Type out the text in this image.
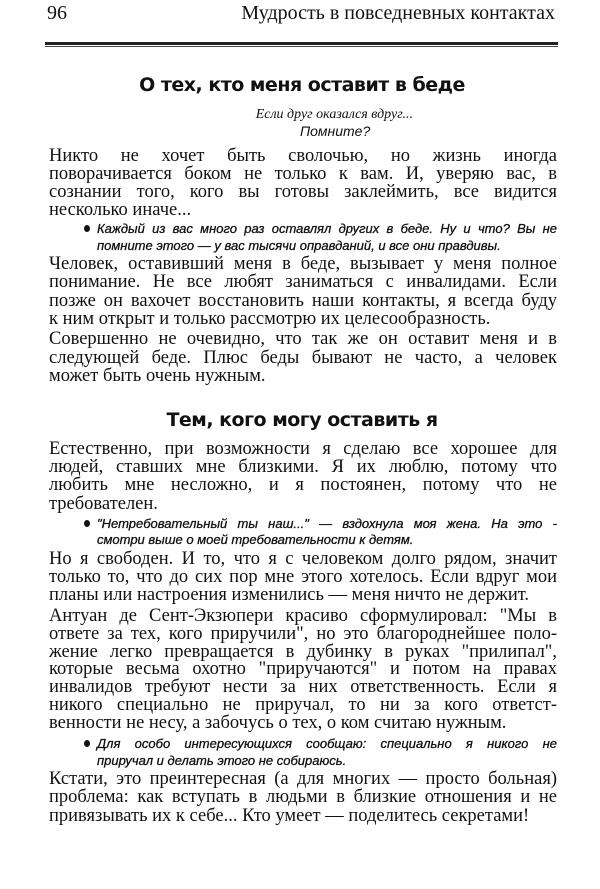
96	Мудрость в повседневных контактах
О тех, кто меня оставит в беде
Если друг оказался вдруг...
Помните?
Тем, кого могу оставить я
Никто не хочет быть сволочью, но жизнь иногда
поворачивается боком не только к вам. И, уверяю вас, в
сознании того, кого вы готовы заклеймить, все видится
несколько иначе...
Каждый из вас много раз оставлял других в беде. Ну и что? Вы не
помните этого — у вас тысячи оправданий, и все они правдивы.
Человек, оставивший меня в беде, вызывает у меня полное
понимание. Не все любят заниматься с инвалидами. Если
позже он вахочет восстановить наши контакты, я всегда буду
к ним открыт и только рассмотрю их целесообразность.
Совершенно не очевидно, что так же он оставит меня и в
следующей беде. Плюс беды бывают не часто, а человек
может быть очень нужным.
Естественно, при возможности я сделаю все хорошее для
людей, ставших мне близкими. Я их люблю, потому что
любить мне несложно, и я постоянен, потому что не
требователен.
"Нетребовательный ты наш..." — вздохнула моя жена. На это -
смотри выше о моей требовательности к детям.
Но я свободен. И то, что я с человеком долго рядом, значит
только то, что до сих пор мне этого хотелось. Если вдруг мои
планы или настроения изменились — меня ничто не держит.
Антуан де Сент-Экзюпери красиво сформулировал: "Мы в
ответе за тех, кого приручили", но это благороднейшее поло-
жение легко превращается в дубинку в руках "прилипал",
которые весьма охотно "приручаются" и потом на правах
инвалидов требуют нести за них ответственность. Если я
никого специально не приручал, то ни за кого ответст-
венности не несу, а забочусь о тех, о ком считаю нужным.
Для особо интересующихся сообщаю: специально я никого не
приручал и делать этого не собираюсь.
Кстати, это преинтересная (а для многих — просто больная)
проблема: как вступать в людьми в близкие отношения и не
привязывать их к себе... Кто умеет — поделитесь секретами!
